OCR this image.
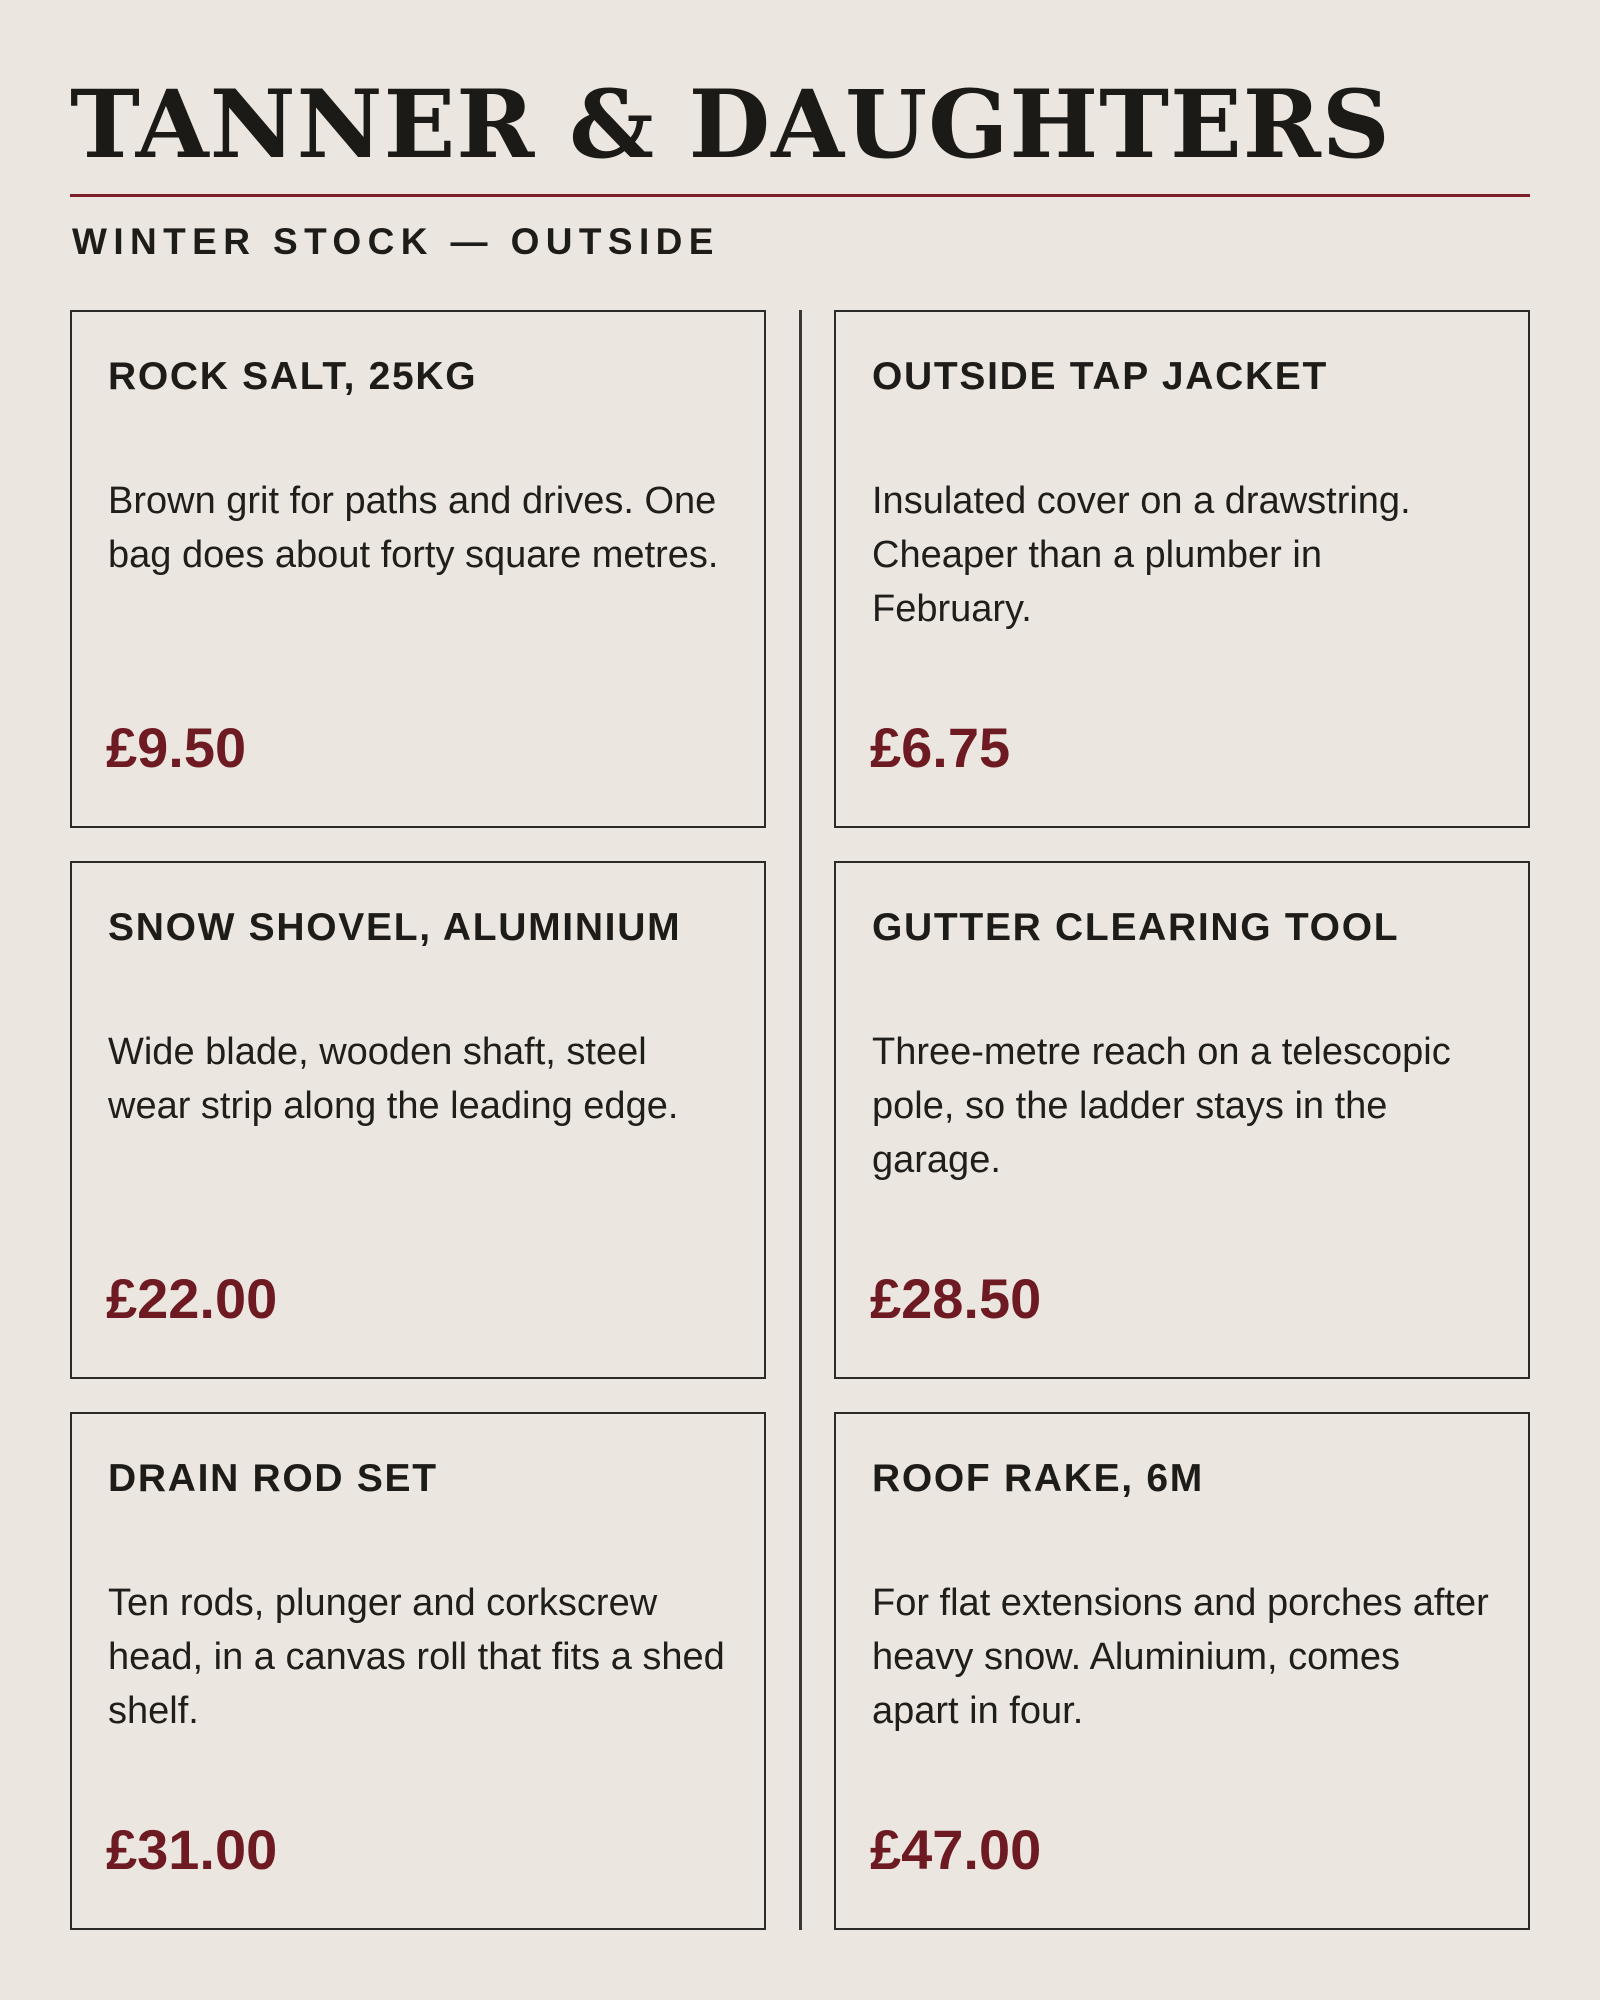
TANNER & DAUGHTERS
WINTER STOCK — OUTSIDE
ROCK SALT, 25KG
Brown grit for paths and drives. One bag does about forty square metres.
£9.50
OUTSIDE TAP JACKET
Insulated cover on a drawstring. Cheaper than a plumber in February.
£6.75
SNOW SHOVEL, ALUMINIUM
Wide blade, wooden shaft, steel wear strip along the leading edge.
£22.00
GUTTER CLEARING TOOL
Three-metre reach on a telescopic pole, so the ladder stays in the garage.
£28.50
DRAIN ROD SET
Ten rods, plunger and corkscrew head, in a canvas roll that fits a shed shelf.
£31.00
ROOF RAKE, 6M
For flat extensions and porches after heavy snow. Aluminium, comes apart in four.
£47.00
